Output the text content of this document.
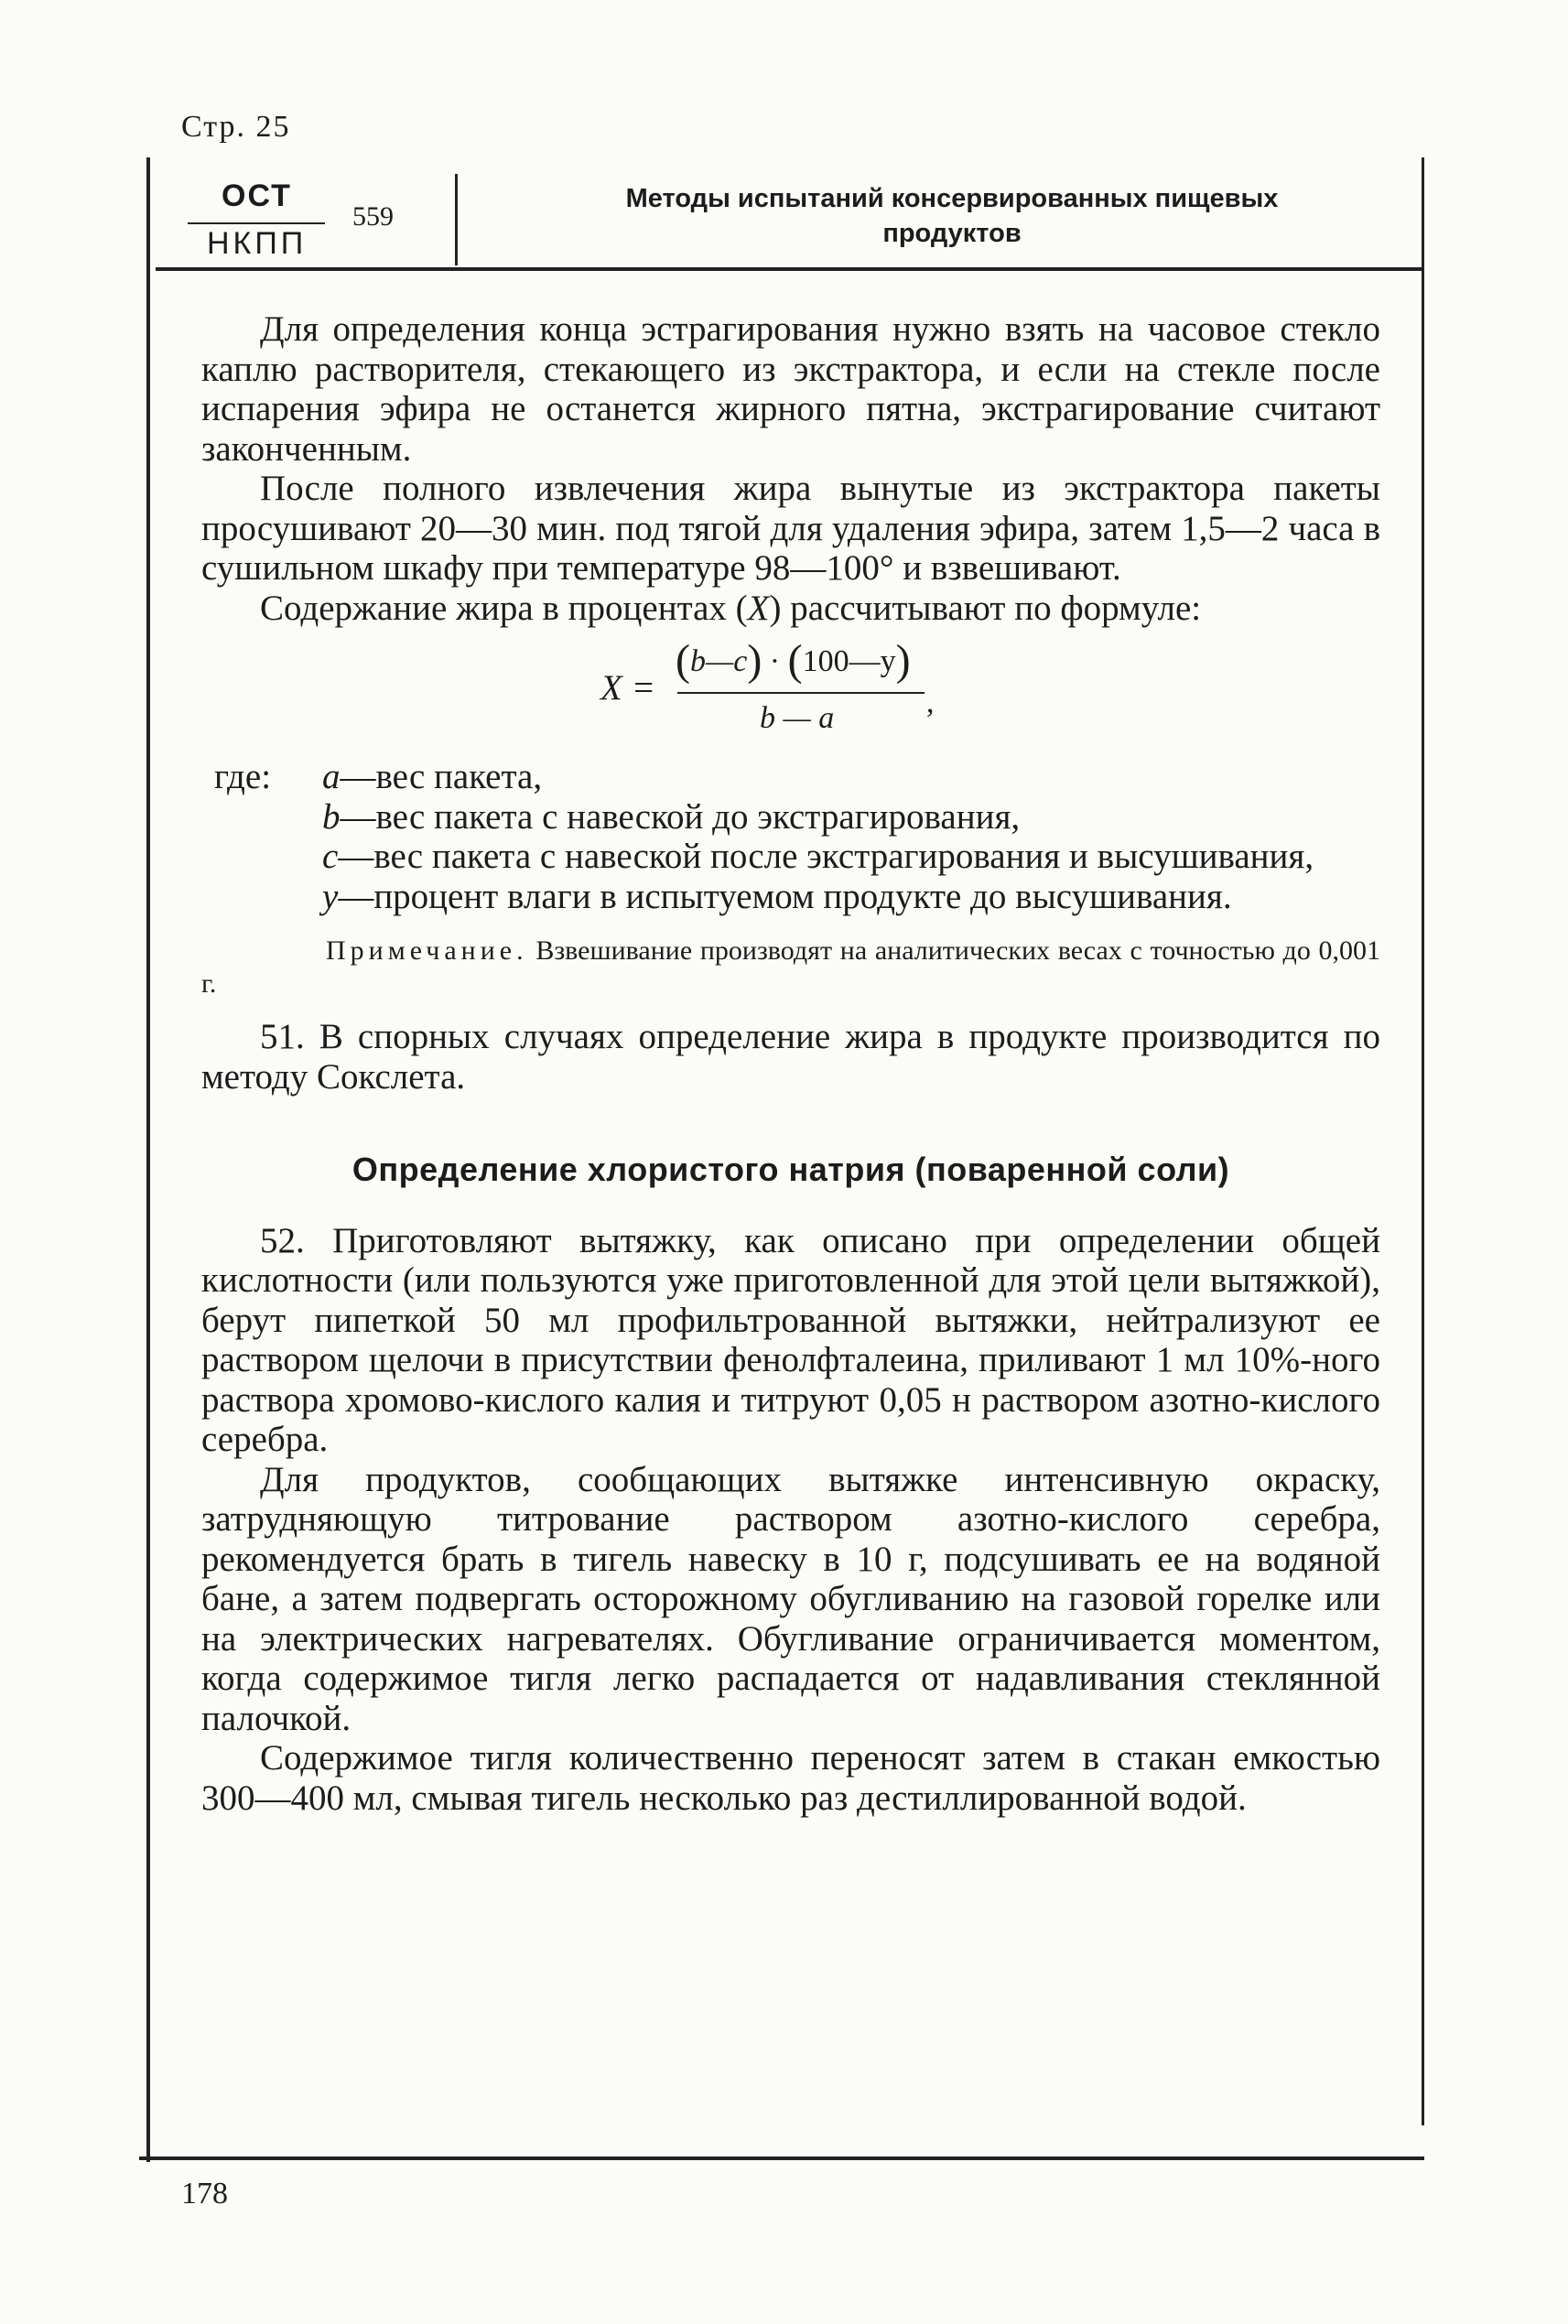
Стр. 25
ОСТ
НКПП
559
Методы испытаний консервированных пищевых
продуктов

Для определения конца эстрагирования нужно взять на часовое стекло каплю растворителя, стекающего из экстрактора, и если на стекле после испарения эфира не останется жирного пятна, экстрагирование считают законченным.

После полного извлечения жира вынутые из экстрактора пакеты просушивают 20—30 мин. под тягой для удаления эфира, затем 1,5—2 часа в сушильном шкафу при температуре 98—100° и взвешивают.

Содержание жира в процентах (X) рассчитывают по формуле:

X =
(b—c) · (100—y)
b — a	,
где:	a—вес пакета,
b—вес пакета с навеской до экстрагирования,
c—вес пакета с навеской после экстрагирования и высушивания,
y—процент влаги в испытуемом продукте до высушивания.
Примечание. Взвешивание производят на аналитических весах с точностью до 0,001 г.

51. В спорных случаях определение жира в продукте производится по методу Сокслета.

Определение хлористого натрия (поваренной соли)

52. Приготовляют вытяжку, как описано при определении общей кислотности (или пользуются уже приготовленной для этой цели вытяжкой), берут пипеткой 50 мл профильтрованной вытяжки, нейтрализуют ее раствором щелочи в присутствии фенолфталеина, приливают 1 мл 10%-ного раствора хромово-кислого калия и титруют 0,05 н раствором азотно-кислого серебра.

Для продуктов, сообщающих вытяжке интенсивную окраску, затрудняющую титрование раствором азотно-кислого серебра, рекомендуется брать в тигель навеску в 10 г, подсушивать ее на водяной бане, а затем подвергать осторожному обугливанию на газовой горелке или на электрических нагревателях. Обугливание ограничивается моментом, когда содержимое тигля легко распадается от надавливания стеклянной палочкой.

Содержимое тигля количественно переносят затем в стакан емкостью 300—400 мл, смывая тигель несколько раз дестиллированной водой.

178
